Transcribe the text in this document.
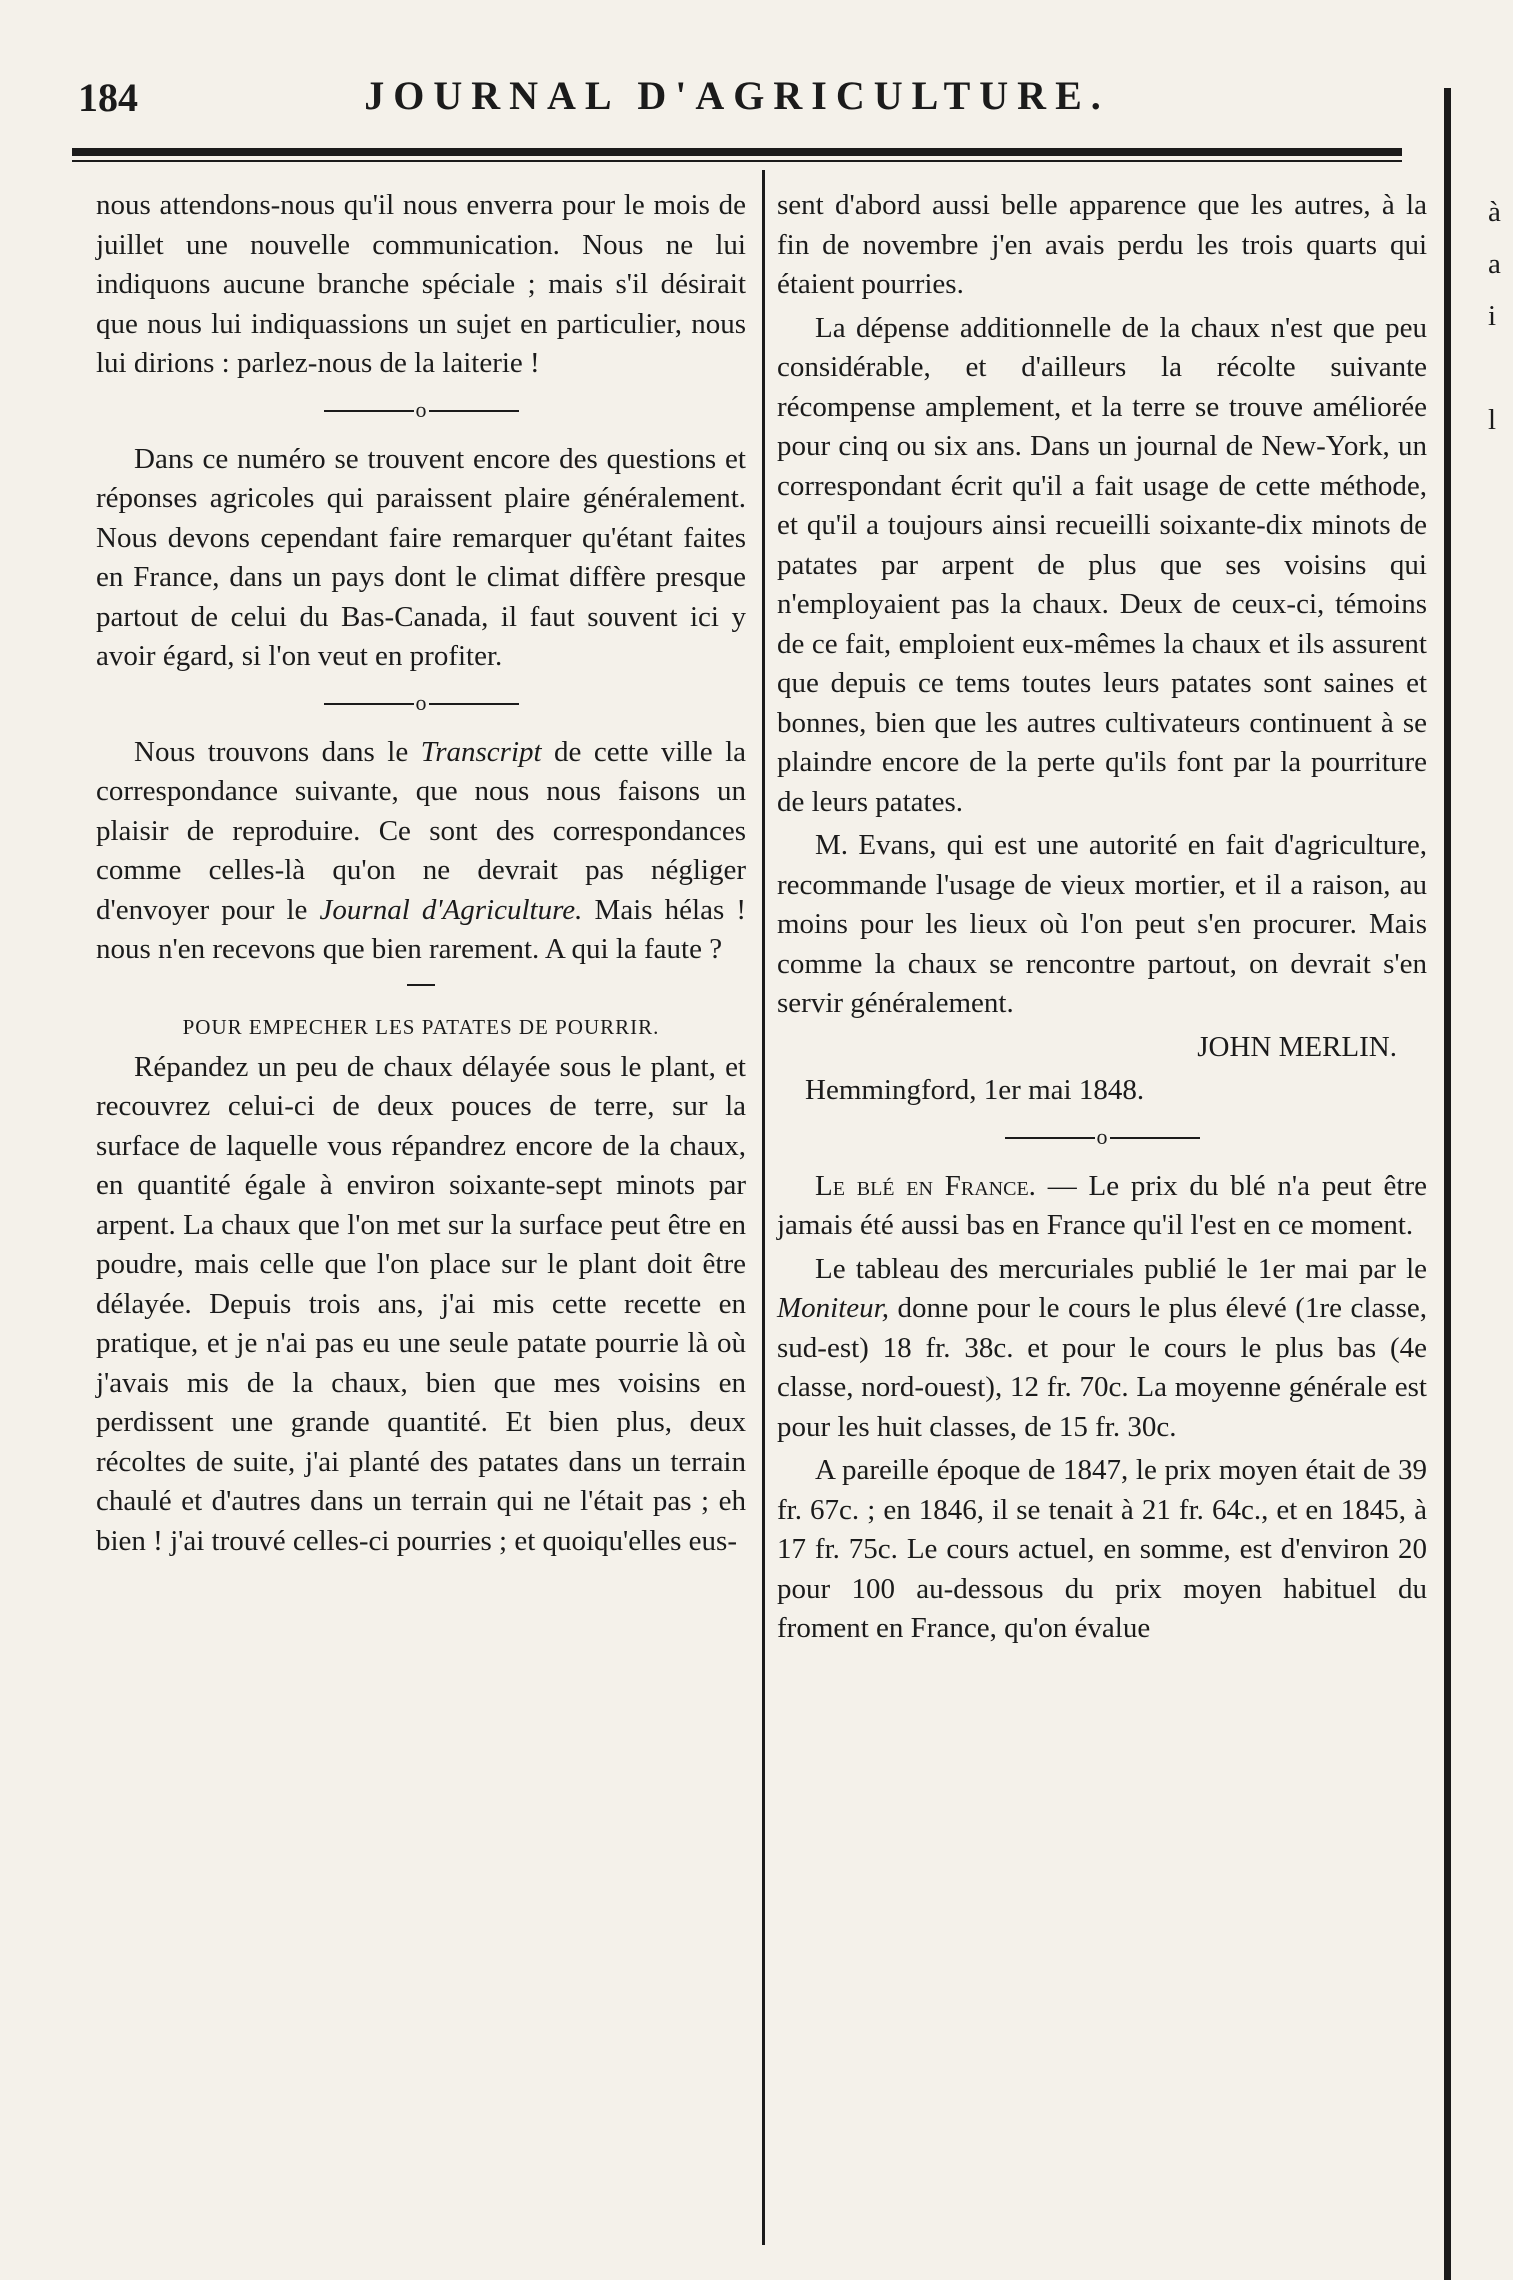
184	JOURNAL D'AGRICULTURE.

nous attendons-nous qu'il nous enverra pour le mois de juillet une nouvelle communication. Nous ne lui indiquons aucune branche spéciale ; mais s'il désirait que nous lui indiquassions un sujet en particulier, nous lui dirions : parlez-nous de la laiterie !

o

Dans ce numéro se trouvent encore des questions et réponses agricoles qui paraissent plaire généralement. Nous devons cependant faire remarquer qu'étant faites en France, dans un pays dont le climat diffère presque partout de celui du Bas-Canada, il faut souvent ici y avoir égard, si l'on veut en profiter.

o

Nous trouvons dans le Transcript de cette ville la correspondance suivante, que nous nous faisons un plaisir de reproduire. Ce sont des correspondances comme celles-là qu'on ne devrait pas négliger d'envoyer pour le Journal d'Agriculture. Mais hélas ! nous n'en recevons que bien rarement. A qui la faute ?

POUR EMPECHER LES PATATES DE POURRIR.

Répandez un peu de chaux délayée sous le plant, et recouvrez celui-ci de deux pouces de terre, sur la surface de laquelle vous répandrez encore de la chaux, en quantité égale à environ soixante-sept minots par arpent. La chaux que l'on met sur la surface peut être en poudre, mais celle que l'on place sur le plant doit être délayée. Depuis trois ans, j'ai mis cette recette en pratique, et je n'ai pas eu une seule patate pourrie là où j'avais mis de la chaux, bien que mes voisins en perdissent une grande quantité. Et bien plus, deux récoltes de suite, j'ai planté des patates dans un terrain chaulé et d'autres dans un terrain qui ne l'était pas ; eh bien ! j'ai trouvé celles-ci pourries ; et quoiqu'elles eus-

sent d'abord aussi belle apparence que les autres, à la fin de novembre j'en avais perdu les trois quarts qui étaient pourries.

La dépense additionnelle de la chaux n'est que peu considérable, et d'ailleurs la récolte suivante récompense amplement, et la terre se trouve améliorée pour cinq ou six ans. Dans un journal de New-York, un correspondant écrit qu'il a fait usage de cette méthode, et qu'il a toujours ainsi recueilli soixante-dix minots de patates par arpent de plus que ses voisins qui n'employaient pas la chaux. Deux de ceux-ci, témoins de ce fait, emploient eux-mêmes la chaux et ils assurent que depuis ce tems toutes leurs patates sont saines et bonnes, bien que les autres cultivateurs continuent à se plaindre encore de la perte qu'ils font par la pourriture de leurs patates.

M. Evans, qui est une autorité en fait d'agriculture, recommande l'usage de vieux mortier, et il a raison, au moins pour les lieux où l'on peut s'en procurer. Mais comme la chaux se rencontre partout, on devrait s'en servir généralement.

JOHN MERLIN.

Hemmingford, 1er mai 1848.

o

Le blé en France. — Le prix du blé n'a peut être jamais été aussi bas en France qu'il l'est en ce moment.

Le tableau des mercuriales publié le 1er mai par le Moniteur, donne pour le cours le plus élevé (1re classe, sud-est) 18 fr. 38c. et pour le cours le plus bas (4e classe, nord-ouest), 12 fr. 70c. La moyenne générale est pour les huit classes, de 15 fr. 30c.

A pareille époque de 1847, le prix moyen était de 39 fr. 67c. ; en 1846, il se tenait à 21 fr. 64c., et en 1845, à 17 fr. 75c. Le cours actuel, en somme, est d'environ 20 pour 100 au-dessous du prix moyen habituel du froment en France, qu'on évalue

à
a
i
l
